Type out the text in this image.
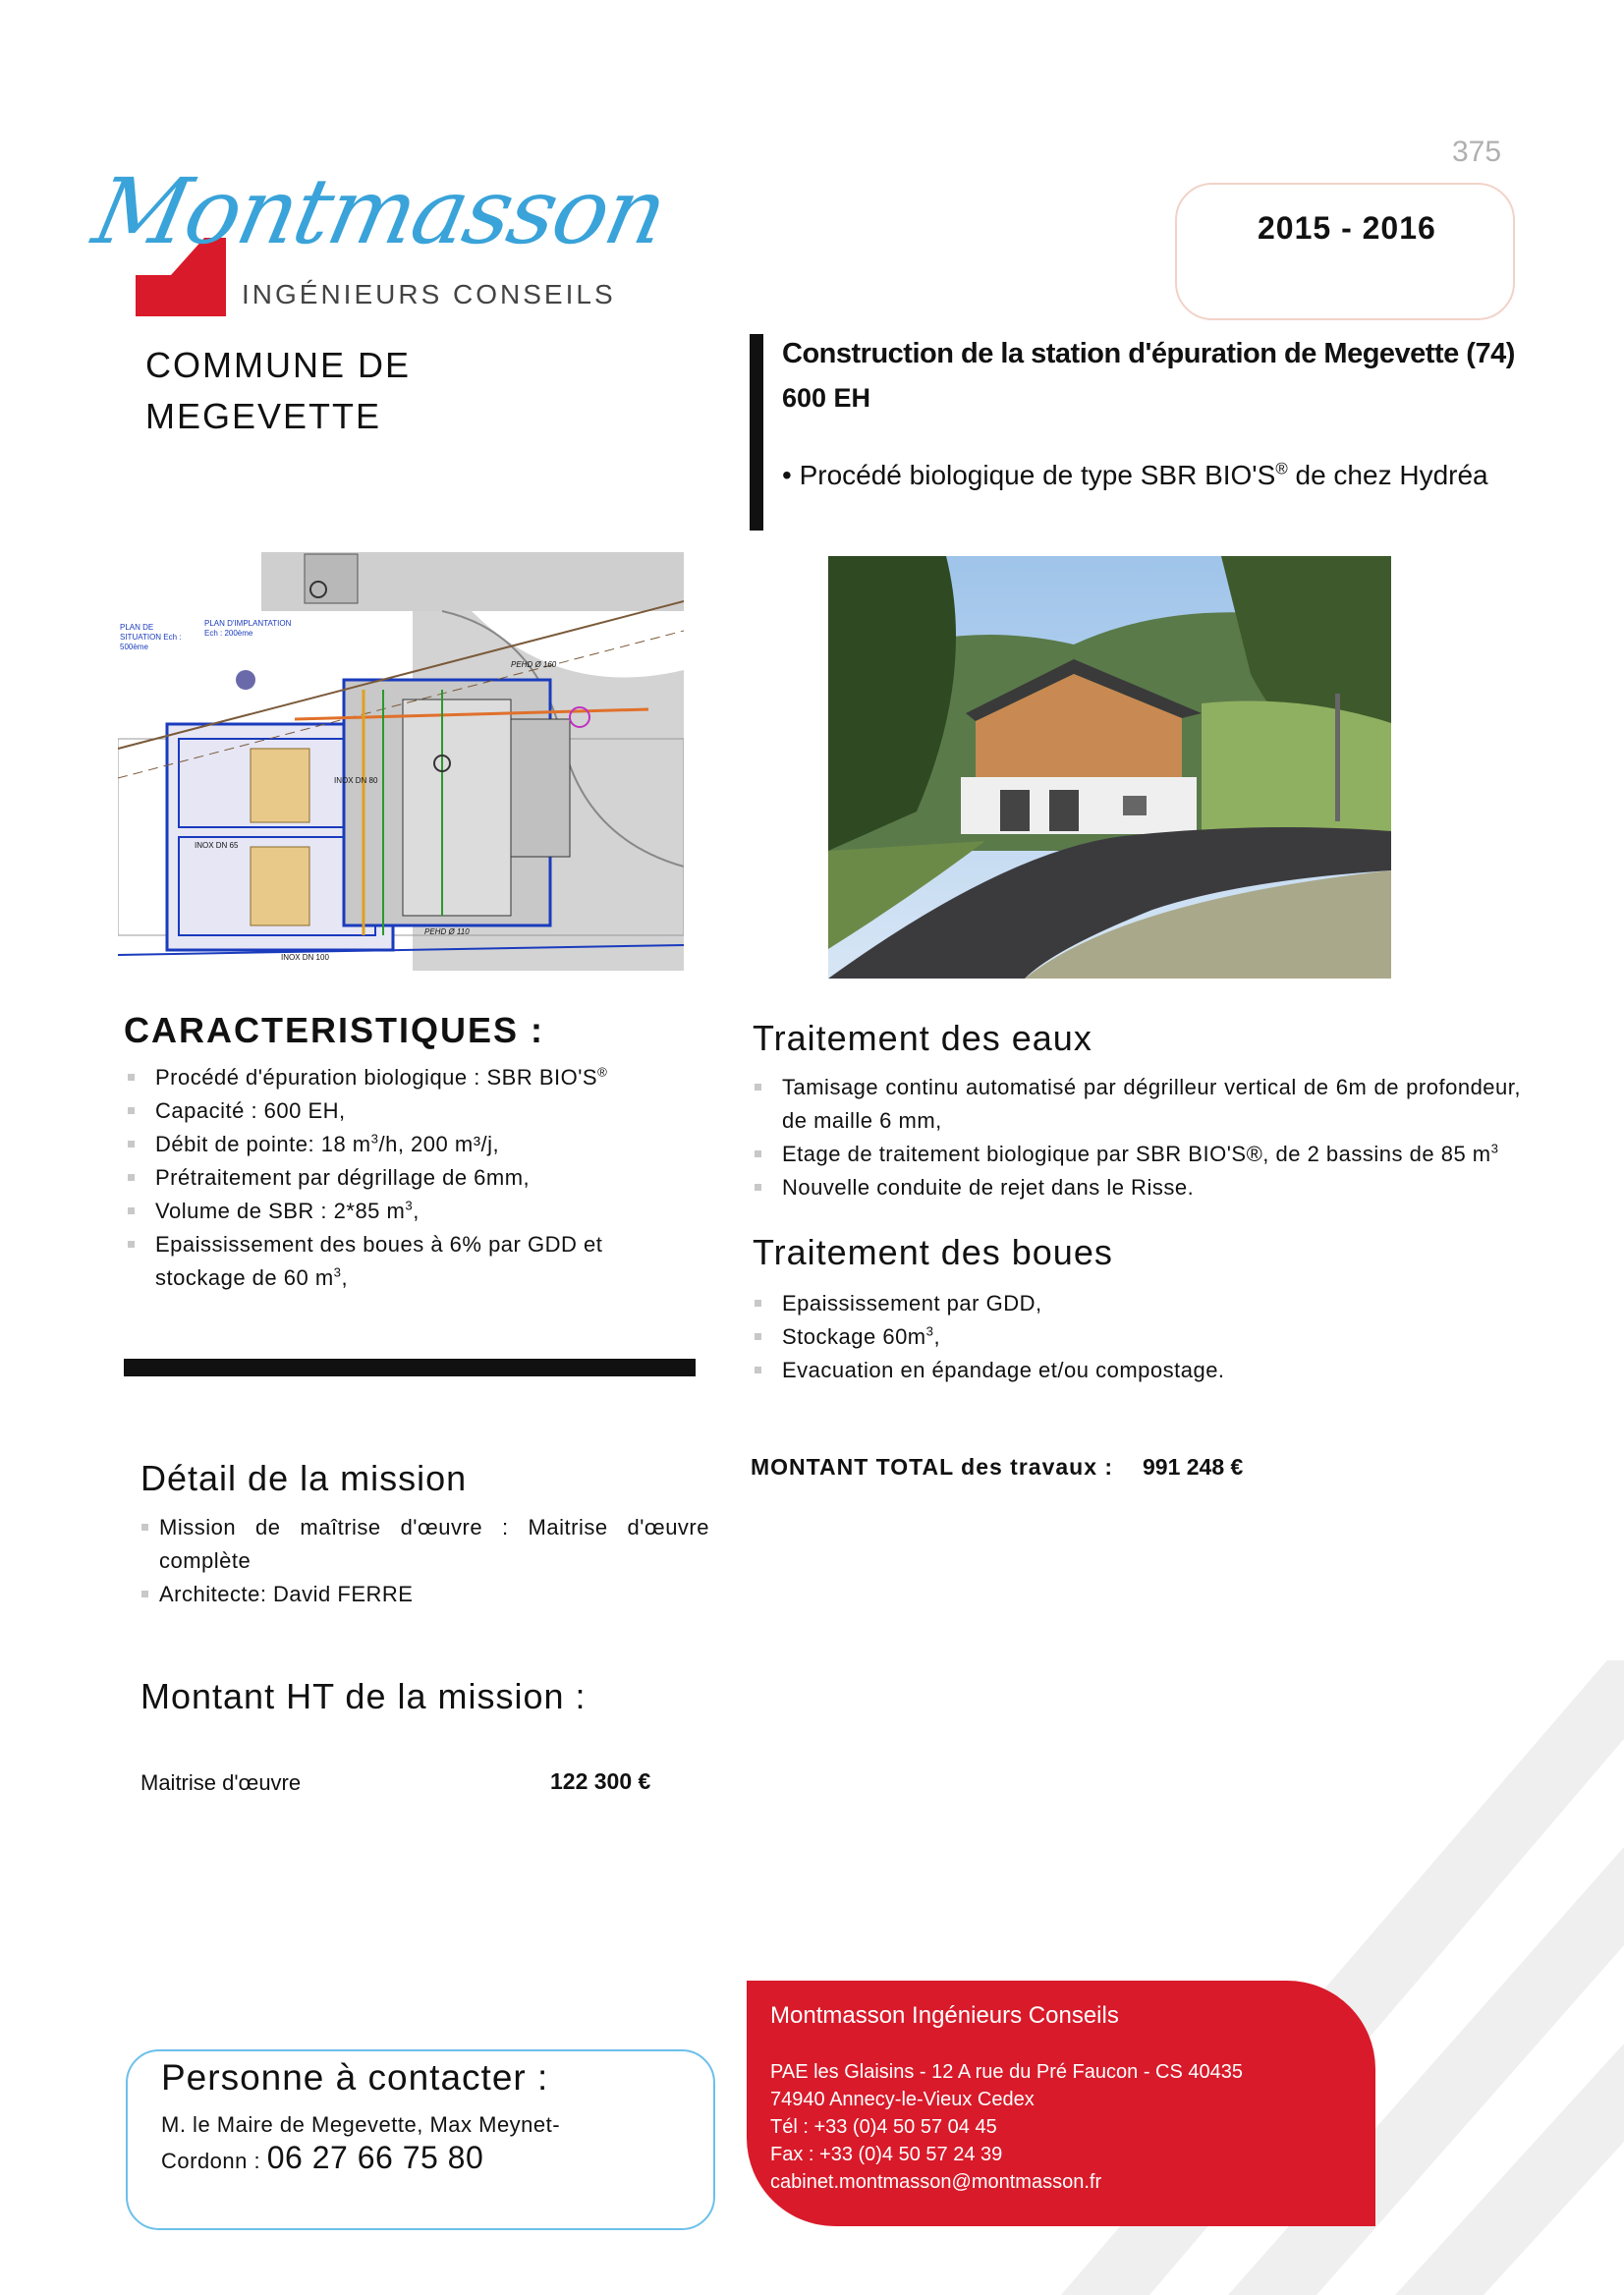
375
Montmasson
INGÉNIEURS CONSEILS
2015 - 2016
COMMUNE DE
MEGEVETTE
Construction de la station d'épuration de Megevette (74)
600 EH
• Procédé biologique de type SBR BIO'S® de chez Hydréa
PLAN DE SITUATION Ech : 500ème
PLAN D'IMPLANTATION Ech : 200ème
PEHD Ø 160
PEHD Ø 110
INOX DN 80
INOX DN 65
INOX DN 100
CARACTERISTIQUES :
Procédé d'épuration biologique : SBR BIO'S®
Capacité : 600 EH,
Débit de pointe: 18 $m^3/h$, 200 m³/j,
Prétraitement par dégrillage de 6mm,
Volume de SBR : 2*85 $m^3$,
Epaississement des boues à 6% par GDD et stockage de 60 $m^3$,
Traitement des eaux
Tamisage continu automatisé par dégrilleur vertical de 6m de profondeur, de maille 6 mm,
Etage de traitement biologique par SBR BIO'S®, de 2 bassins de 85 $m^3$
Nouvelle conduite de rejet dans le Risse.
Traitement des boues
Epaississement par GDD,
Stockage $60m^3$,
Evacuation en épandage et/ou compostage.
MONTANT TOTAL des travaux : 991 248 €
Détail de la mission
Mission de maîtrise d'œuvre : Maitrise d'œuvre complète
Architecte: David FERRE
Montant HT de la mission :
Maitrise d'œuvre	122 300 €
Montmasson Ingénieurs Conseils
PAE les Glaisins - 12 A rue du Pré Faucon - CS 40435
74940 Annecy-le-Vieux Cedex
Tél : +33 (0)4 50 57 04 45
Fax : +33 (0)4 50 57 24 39
cabinet.montmasson@montmasson.fr
Personne à contacter :
M. le Maire de Megevette, Max Meynet-
Cordonn : 06 27 66 75 80
